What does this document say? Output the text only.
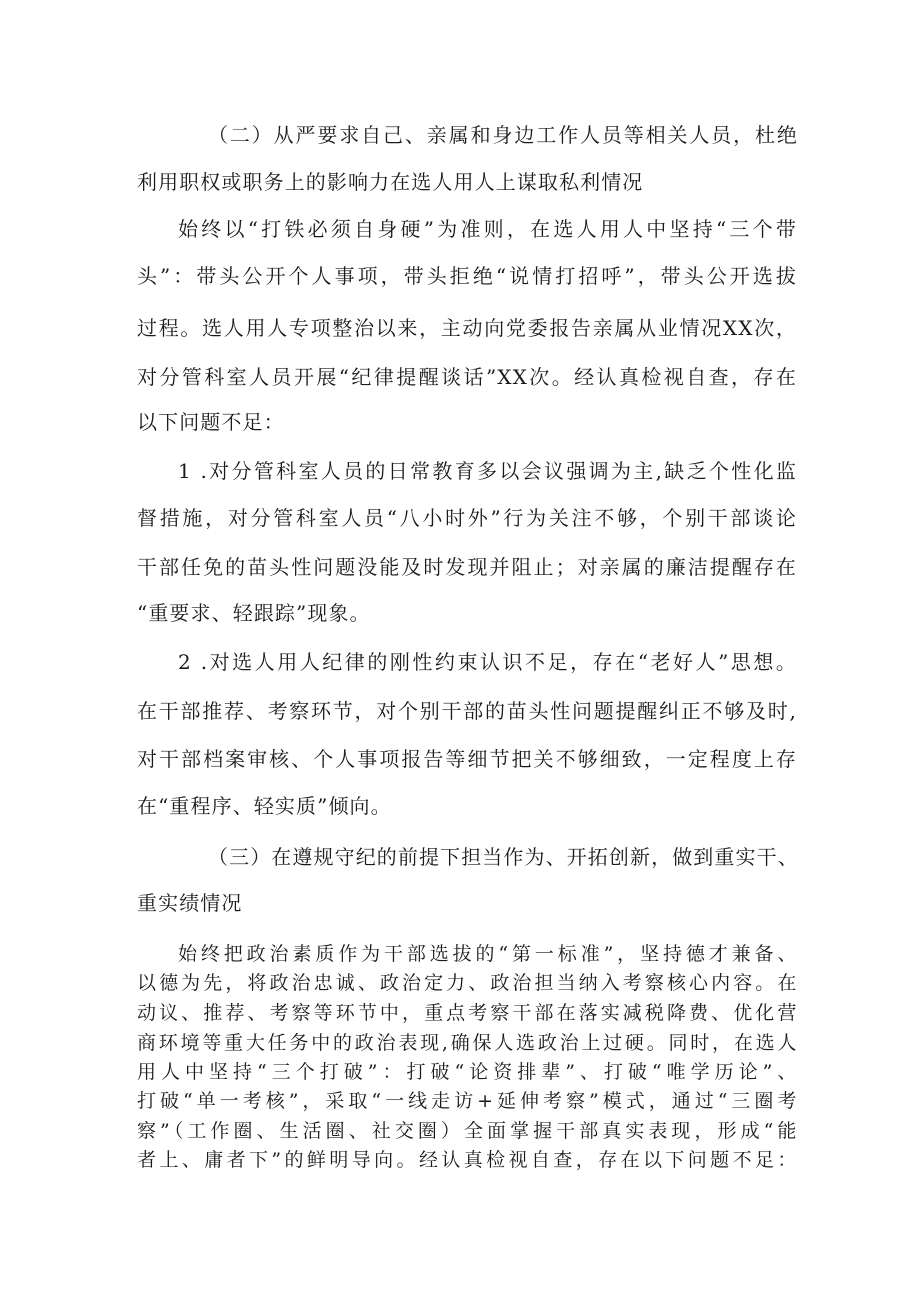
（二）从严要求自己、亲属和身边工作人员等相关人员，杜绝
利用职权或职务上的影响力在选人用人上谋取私利情况
始终以“打铁必须自身硬”为准则，在选人用人中坚持“三个带
头”：带头公开个人事项，带头拒绝“说情打招呼”，带头公开选拔
过程。选人用人专项整治以来，主动向党委报告亲属从业情况XX次，
对分管科室人员开展“纪律提醒谈话”XX次。经认真检视自查，存在
以下问题不足：
1 .对分管科室人员的日常教育多以会议强调为主,缺乏个性化监
督措施，对分管科室人员“八小时外”行为关注不够，个别干部谈论
干部任免的苗头性问题没能及时发现并阻止；对亲属的廉洁提醒存在
“重要求、轻跟踪”现象。
2 .对选人用人纪律的刚性约束认识不足，存在“老好人”思想。
在干部推荐、考察环节，对个别干部的苗头性问题提醒纠正不够及时,
对干部档案审核、个人事项报告等细节把关不够细致，一定程度上存
在“重程序、轻实质”倾向。
（三）在遵规守纪的前提下担当作为、开拓创新，做到重实干、
重实绩情况
始终把政治素质作为干部选拔的“第一标准”，坚持德才兼备、
以德为先，将政治忠诚、政治定力、政治担当纳入考察核心内容。在
动议、推荐、考察等环节中，重点考察干部在落实减税降费、优化营
商环境等重大任务中的政治表现,确保人选政治上过硬。同时，在选人
用人中坚持“三个打破”：打破“论资排辈”、打破“唯学历论”、
打破“单一考核”，采取“一线走访+延伸考察”模式，通过“三圈考
察”（工作圈、生活圈、社交圈）全面掌握干部真实表现，形成“能
者上、庸者下”的鲜明导向。经认真检视自查，存在以下问题不足：
